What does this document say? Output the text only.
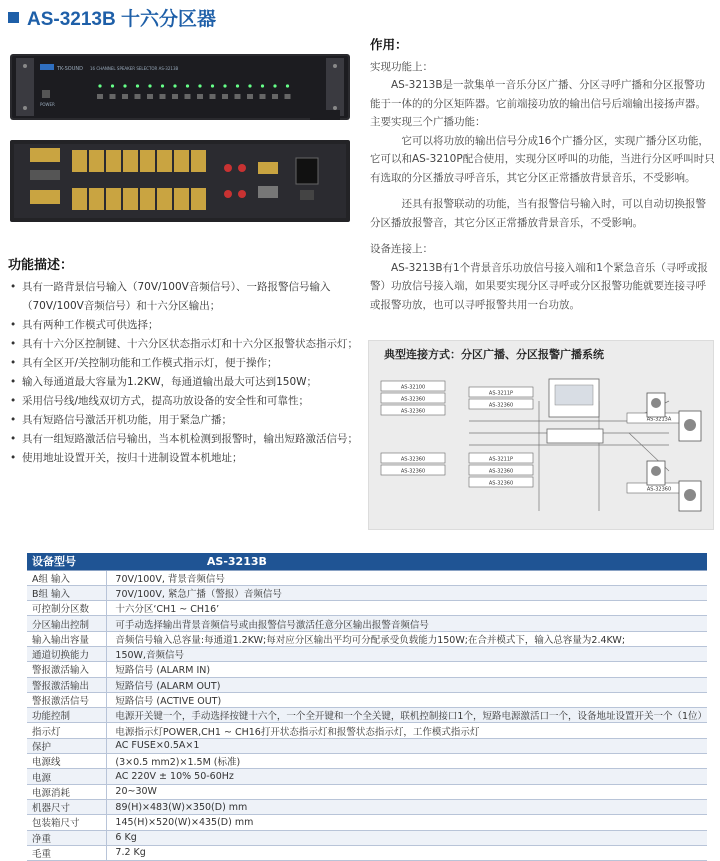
AS-3213B 十六分区器
TK-SOUND 16 CHANNEL SPEAKER SELECTOR AS-3213B
POWER
功能描述：
• 具有一路背景信号输入（70V/100V音频信号）、一路报警信号输入（70V/100V音频信号）和十六分区输出；
• 具有两种工作模式可供选择；
• 具有十六分区控制键、十六分区状态指示灯和十六分区报警状态指示灯；
• 具有全区开/关控制功能和工作模式指示灯，便于操作；
• 输入每通道最大容量为1.2KW，每通道输出最大可达到150W；
• 采用信号线/地线双切方式，提高功放设备的安全性和可靠性；
• 具有短路信号激活开机功能，用于紧急广播；
• 具有一组短路激活信号输出，当本机检测到报警时，输出短路激活信号；
• 使用地址设置开关，按归十进制设置本机地址；
作用：

实现功能上：

AS-3213B是一款集单一音乐分区广播、分区寻呼广播和分区报警功能于一体的的分区矩阵器。它前端接功放的输出信号后端输出接扬声器。主要实现三个广播功能：

它可以将功放的输出信号分成16个广播分区，实现广播分区功能，它可以和AS-3210P配合使用，实现分区呼叫的功能，当进行分区呼叫时只有选取的分区播放寻呼音乐，其它分区正常播放背景音乐，不受影响。

还具有报警联动的功能，当有报警信号输入时，可以自动切换报警分区播放报警音，其它分区正常播放背景音乐，不受影响。

设备连接上：

AS-3213B有1个背景音乐功放信号接入端和1个紧急音乐（寻呼或报警）功放信号接入端，如果要实现分区寻呼或分区报警功能就要连接寻呼或报警功放，也可以寻呼报警共用一台功放。

典型连接方式：分区广播、分区报警广播系统
AS-32100
AS-32360
AS-32360
AS-3211P
AS-32360
AS-3213A
AS-32360	AS-3211P
AS-32360
AS-32360
AS-32360
AS-32360
设备型号	AS-3213B
A组 输入	70V/100V, 背景音频信号
B组 输入	70V/100V, 紧急广播（警报）音频信号
可控制分区数	十六分区‘CH1 ~ CH16’
分区输出控制	可手动选择输出背景音频信号或由报警信号激活任意分区输出报警音频信号
输入输出容量	音频信号输入总容量:每通道1.2KW;每对应分区输出平均可分配承受负载能力150W;在合并模式下，输入总容量为2.4KW;
通道切换能力	150W,音频信号
警报激活输入	短路信号 (ALARM IN)
警报激活输出	短路信号 (ALARM OUT)
警报激活信号	短路信号 (ACTIVE OUT)
功能控制	电源开关键一个，手动选择按键十六个，一个全开键和一个全关键，联机控制接口1个，短路电源激活口一个，设备地址设置开关一个（1位）
指示灯	电源指示灯POWER,CH1 ~ CH16打开状态指示灯和报警状态指示灯，工作模式指示灯
保护	AC FUSE×0.5A×1
电源线	(3×0.5 mm2)×1.5M (标准)
电源	AC 220V ± 10% 50-60Hz
电源消耗	20~30W
机器尺寸	89(H)×483(W)×350(D) mm
包装箱尺寸	145(H)×520(W)×435(D) mm
净重	6 Kg
毛重	7.2 Kg
